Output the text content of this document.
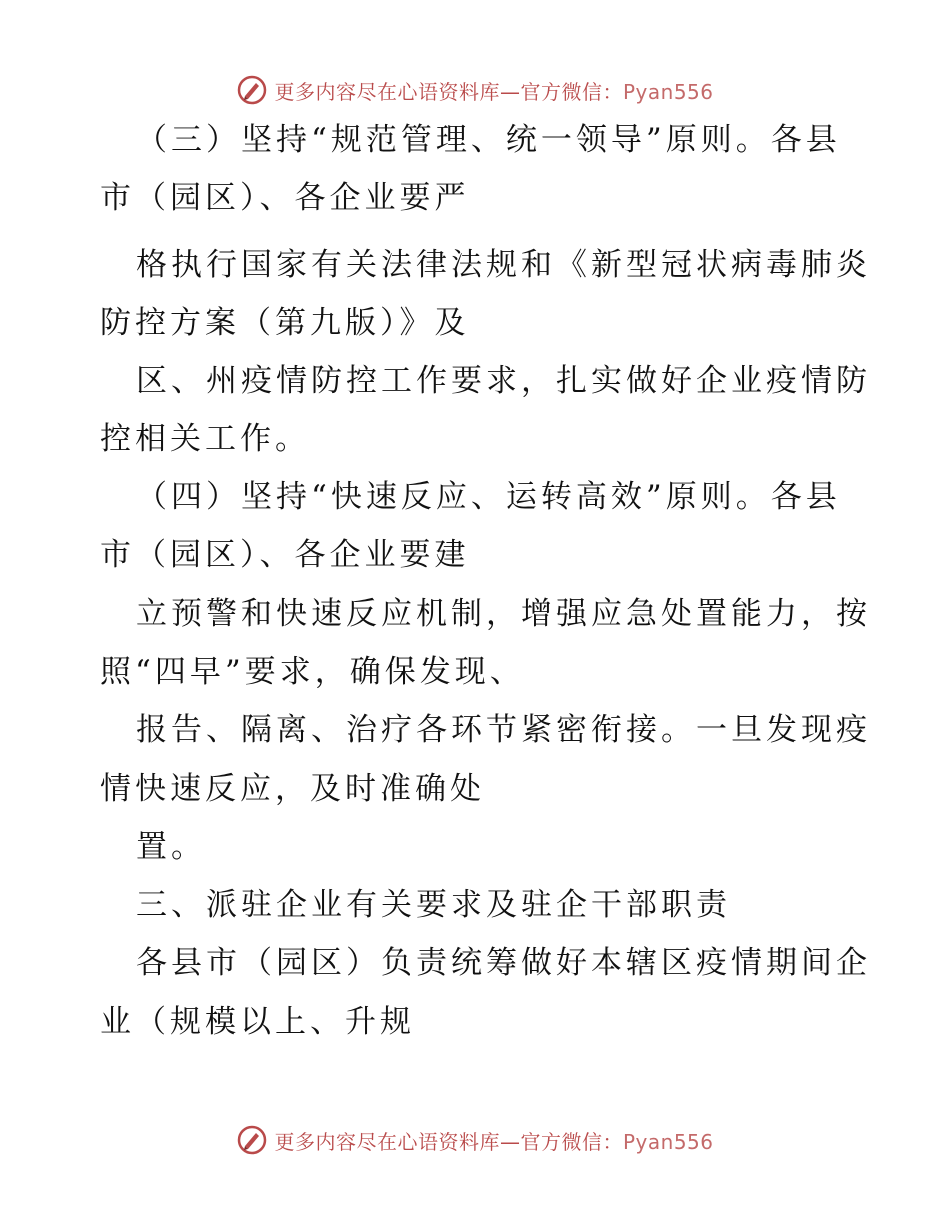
更多内容尽在心语资料库—官方微信：Pyan556
（三）坚持“规范管理、统一领导”原则。各县
市（园区）、各企业要严
格执行国家有关法律法规和《新型冠状病毒肺炎
防控方案（第九版）》及
区、州疫情防控工作要求，扎实做好企业疫情防
控相关工作。
（四）坚持“快速反应、运转高效”原则。各县
市（园区）、各企业要建
立预警和快速反应机制，增强应急处置能力，按
照“四早”要求，确保发现、
报告、隔离、治疗各环节紧密衔接。一旦发现疫
情快速反应，及时准确处
置。
三、派驻企业有关要求及驻企干部职责
各县市（园区）负责统筹做好本辖区疫情期间企
业（规模以上、升规
更多内容尽在心语资料库—官方微信：Pyan556
